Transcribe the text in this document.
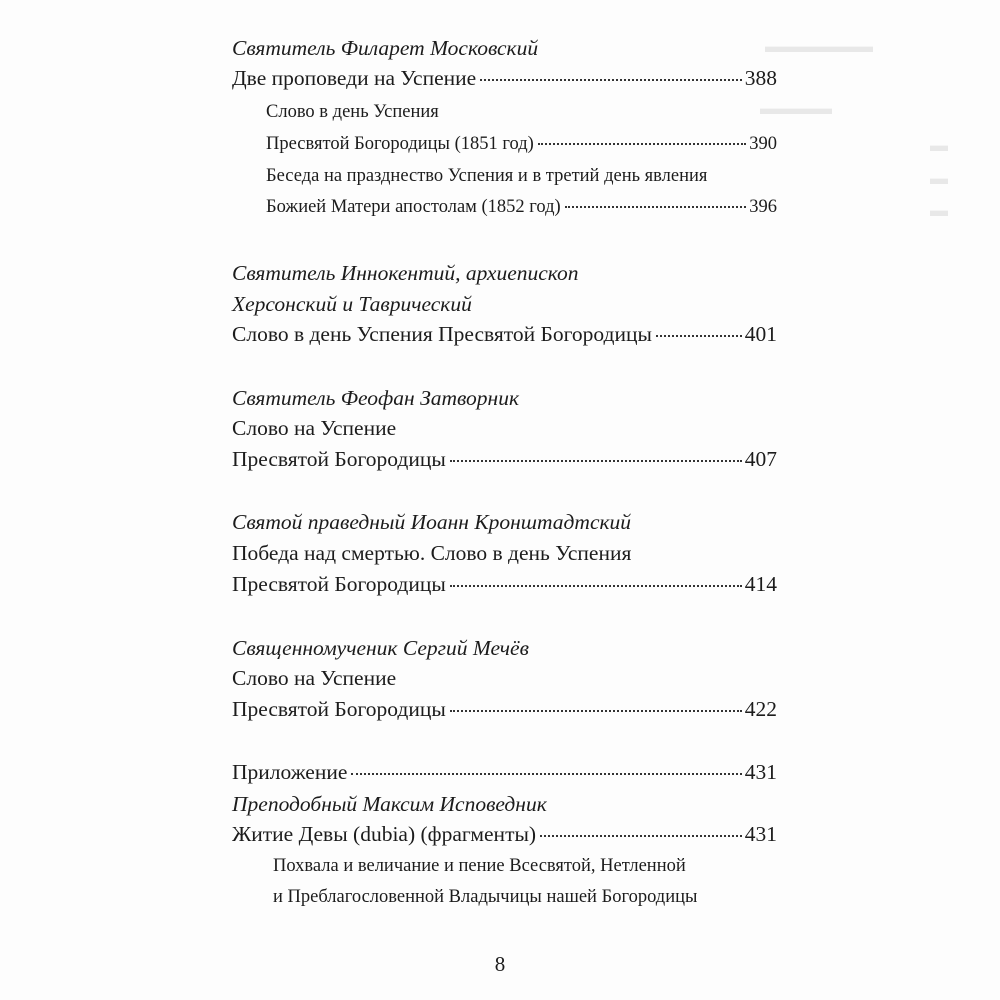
▬▬▬▬▬▬
▬▬▬▬
▬
▬
▬
Святитель Филарет Московский
Две проповеди на Успение	388
Слово в день Успения
Пресвятой Богородицы (1851 год)	390
Беседа на празднество Успения и в третий день явления
Божией Матери апостолам (1852 год)	396
Святитель Иннокентий, архиепископ
Херсонский и Таврический
Слово в день Успения Пресвятой Богородицы	401
Святитель Феофан Затворник
Слово на Успение
Пресвятой Богородицы	407
Святой праведный Иоанн Кронштадтский
Победа над смертью. Слово в день Успения
Пресвятой Богородицы	414
Священномученик Сергий Мечёв
Слово на Успение
Пресвятой Богородицы	422
Приложение	431
Преподобный Максим Исповедник
Житие Девы (dubia) (фрагменты)	431
Похвала и величание и пение Всесвятой, Нетленной
и Преблагословенной Владычицы нашей Богородицы
8
